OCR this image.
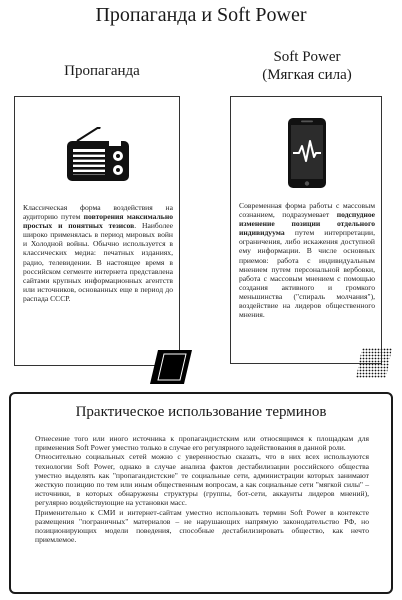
Пропаганда и Soft Power
Пропаганда
Soft Power
(Мягкая сила)
Классическая форма воздействия на аудиторию путем повторения максимально простых и понятных тезисов. Наиболее широко применялась в период мировых войн и Холодной войны. Обычно используется в классических медиа: печатных изданиях, радио, телевидении. В настоящее время в российском сегменте интернета представлена сайтами крупных информационных агентств или источников, основанных еще в период до распада СССР.
Современная форма работы с массовым сознанием, подразумевает подспудное изменение позиции отдельного индивидуума путем интерпретации, ограничения, либо искажения доступной ему информации. В числе основных приемов: работа с индивидуальным мнением путем персональной вербовки, работа с массовым мнением с помощью создания активного и громкого меньшинства ("спираль молчания"), воздействие на лидеров общественного мнения.
Практическое использование терминов

Отнесение того или иного источника к пропагандистским или относящимся к площадкам для применения Soft Power уместно только в случае его регулярного задействования в данной роли.

Относительно социальных сетей можно с уверенностью сказать, что в них всех используются технологии Soft Power, однако в случае анализа фактов дестабилизации российского общества уместно выделять как "пропагандистские" те социальные сети, администрации которых занимают жесткую позицию по тем или иным общественным вопросам, а как социальные сети "мягкой силы" – источники, в которых обнаружены структуры (группы, бот-сети, аккаунты лидеров мнений), регулярно воздействующие на установки масс.

Применительно к СМИ и интернет-сайтам уместно использовать термин Soft Power в контексте размещения "пограничных" материалов – не нарушающих напрямую законодательство РФ, но позиционирующих модели поведения, способные дестабилизировать общество, как нечто приемлемое.
